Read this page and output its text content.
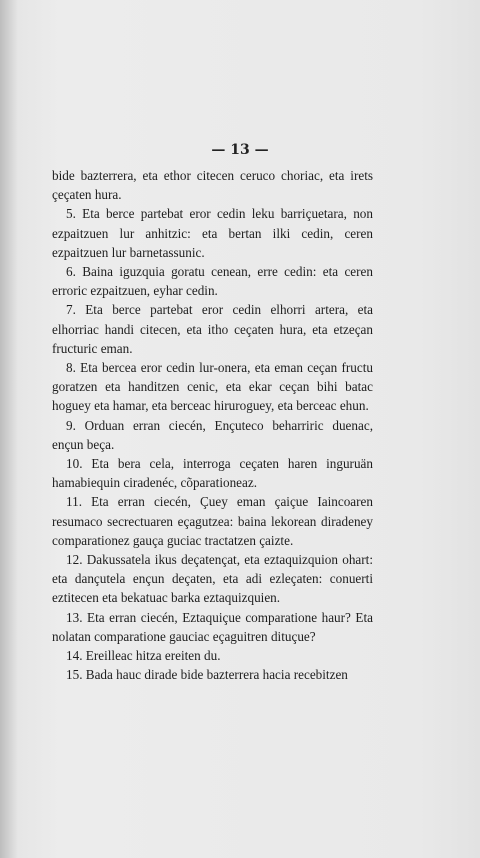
— 13 —

bide bazterrera, eta ethor citecen ceruco choriac, eta irets çeçaten hura.

5. Eta berce partebat eror cedin leku barriçuetara, non ezpaitzuen lur anhitzic: eta bertan ilki cedin, ceren ezpaitzuen lur barnetassunic.

6. Baina iguzquia goratu cenean, erre cedin: eta ceren erroric ezpaitzuen, eyhar cedin.

7. Eta berce partebat eror cedin elhorri artera, eta elhorriac handi citecen, eta itho ceçaten hura, eta etzeçan fructuric eman.

8. Eta bercea eror cedin lur-onera, eta eman ceçan fructu goratzen eta handitzen cenic, eta ekar ceçan bihi batac hoguey eta hamar, eta berceac hiruroguey, eta berceac ehun.

9. Orduan erran ciecén, Ençuteco beharriric duenac, ençun beça.

10. Eta bera cela, interroga ceçaten haren inguruän hamabiequin ciradenéc, cõparationeaz.

11. Eta erran ciecén, Çuey eman çaiçue Iaincoaren resumaco secrectuaren eçagutzea: baina lekorean diradeney comparationez gauça guciac tractatzen çaizte.

12. Dakussatela ikus deçatençat, eta eztaquizquion ohart: eta dançutela ençun deçaten, eta adi ezleçaten: conuerti eztitecen eta bekatuac barka eztaquizquien.

13. Eta erran ciecén, Eztaquiçue comparatione haur? Eta nolatan comparatione gauciac eçaguitren dituçue?

14. Ereilleac hitza ereiten du.

15. Bada hauc dirade bide bazterrera hacia recebitzen
